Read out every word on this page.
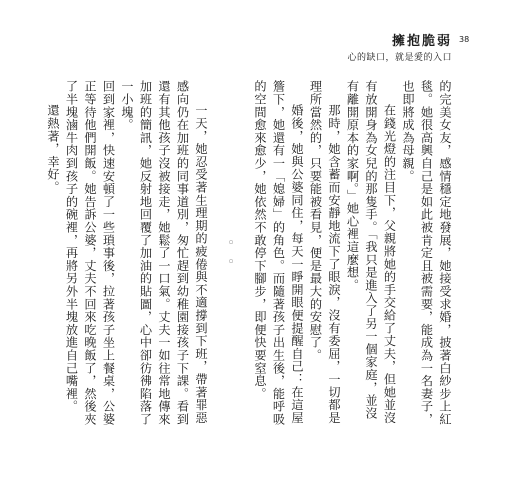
擁抱脆弱
心的缺口，就是愛的入口
38

的完美女友，感情穩定地發展，她接受求婚，披著白紗步上紅毯。她很高興自己是如此被肯定且被需要，能成為一名妻子，也即將成為母親。

在錢光燈的注目下，父親將她的手交給了丈夫，但她並沒有放開身為女兒的那隻手。「我只是進入了另一個家庭，並沒有離開原本的家啊。」她心裡這麼想。

那時，她含蓄而安靜地流下了眼淚，沒有委屈，一切都是理所當然的，只要能被看見，便是最大的安慰了。

婚後，她與公婆同住，每天一睜開眼便提醒自己：在這屋簷下，她還有一「媳婦」的角色。而隨著孩子出生後，能呼吸的空間愈來愈少，她依然不敢停下腳步，即便快要窒息。

◦◦

一天，她忍受著生理期的疲倦與不適撐到下班，帶著罪惡感向仍在加班的同事道別，匆忙趕到幼稚園接孩子下課。看到還有其他孩子沒被接走，她鬆了一口氣。丈夫一如往常地傳來加班的簡訊，她反射地回覆了加油的貼圖，心中卻彷彿陷落了一小塊。

回到家裡，快速安頓了一些瑣事後，拉著孩子坐上餐桌，公婆正等待他們開飯。她告訴公婆，丈夫不回來吃晚飯了，然後夾了半塊滷牛肉到孩子的碗裡，再將另外半塊放進自己嘴裡。

還熱著，幸好。
